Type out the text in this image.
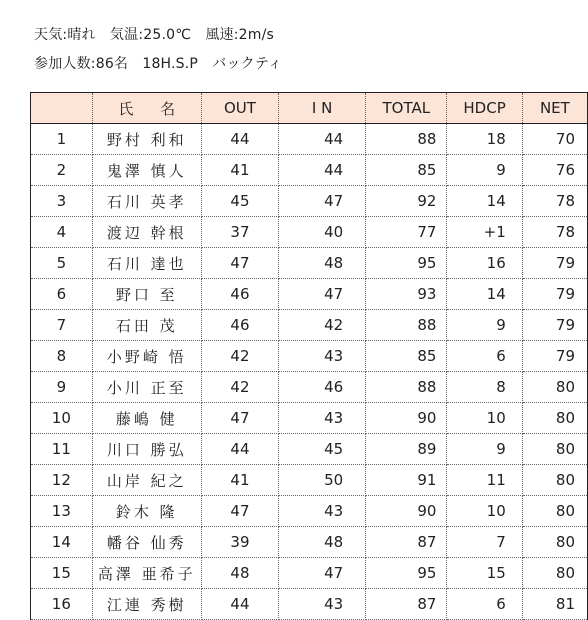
天気:晴れ　気温:25.0℃　風速:2m/s
参加人数:86名　18H.S.P　バックティ
	氏 名	OUT	I N	TOTAL	HDCP	NET
1	野村 利和	44	44	88	18	70
2	鬼澤 慎人	41	44	85	9	76
3	石川 英孝	45	47	92	14	78
4	渡辺 幹根	37	40	77	+1	78
5	石川 達也	47	48	95	16	79
6	野口 至	46	47	93	14	79
7	石田 茂	46	42	88	9	79
8	小野崎 悟	42	43	85	6	79
9	小川 正至	42	46	88	8	80
10	藤嶋 健	47	43	90	10	80
11	川口 勝弘	44	45	89	9	80
12	山岸 紀之	41	50	91	11	80
13	鈴木 隆	47	43	90	10	80
14	幡谷 仙秀	39	48	87	7	80
15	高澤 亜希子	48	47	95	15	80
16	江連 秀樹	44	43	87	6	81
